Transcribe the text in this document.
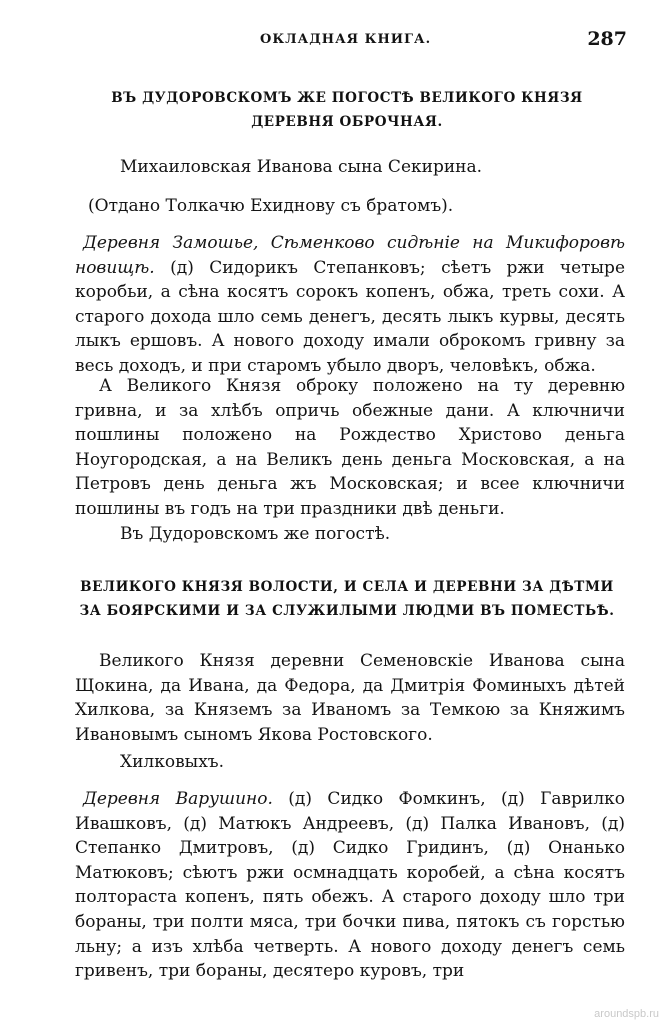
ОКЛАДНАЯ КНИГА.	287
ВЪ ДУДОРОВСКОМЪ ЖЕ ПОГОСТѢ ВЕЛИКОГО КНЯЗЯ ДЕРЕВНЯ ОБРОЧНАЯ.

Михаиловская Иванова сына Секирина.

(Отдано Толкачю Ехиднову съ братомъ).

Деревня Замошье, Сѣменково сидѣніе на Микифоровѣ новищѣ. (д) Сидорикъ Степанковъ; сѣетъ ржи четыре коробьи, а сѣна косятъ сорокъ копенъ, обжа, треть сохи. А старого дохода шло семь денегъ, десять лыкъ курвы, десять лыкъ ершовъ. А нового доходу имали оброкомъ гривну за весь доходъ, и при старомъ убыло дворъ, человѣкъ, обжа.

А Великого Князя оброку положено на ту деревню гривна, и за хлѣбъ опричь обежные дани. А ключничи пошлины положено на Рождество Христово деньга Ноугородская, а на Великъ день деньга Московская, а на Петровъ день деньга жъ Московская; и всее ключничи пошлины въ годъ на три праздники двѣ деньги.

Въ Дудоровскомъ же погостѣ.

ВЕЛИКОГО КНЯЗЯ ВОЛОСТИ, И СЕЛА И ДЕРЕВНИ ЗА ДѢТМИ ЗА БОЯРСКИМИ И ЗА СЛУЖИЛЫМИ ЛЮДМИ ВЪ ПОМЕСТЬѢ.

Великого Князя деревни Семеновскіе Ивановa сына Щокина, да Ивана, да Федора, да Дмитрія Фоминыхъ дѣтей Хилкова, за Княземъ за Иваномъ за Темкою за Княжимъ Ивановымъ сыномъ Якова Ростовского.

Хилковыхъ.

Деревня Варушино. (д) Сидко Фомкинъ, (д) Гаврилко Ивашковъ, (д) Матюкъ Андреевъ, (д) Палка Ивановъ, (д) Степанко Дмитровъ, (д) Сидко Гридинъ, (д) Онанько Матюковъ; сѣютъ ржи осмнадцать коробей, а сѣна косятъ полтораста копенъ, пять обежъ. А старого доходу шло три бораны, три полти мяса, три бочки пива, пятокъ съ горстью льну; а изъ хлѣба четверть. А нового доходу денегъ семь гривенъ, три бораны, десятеро куровъ, три

aroundspb.ru
